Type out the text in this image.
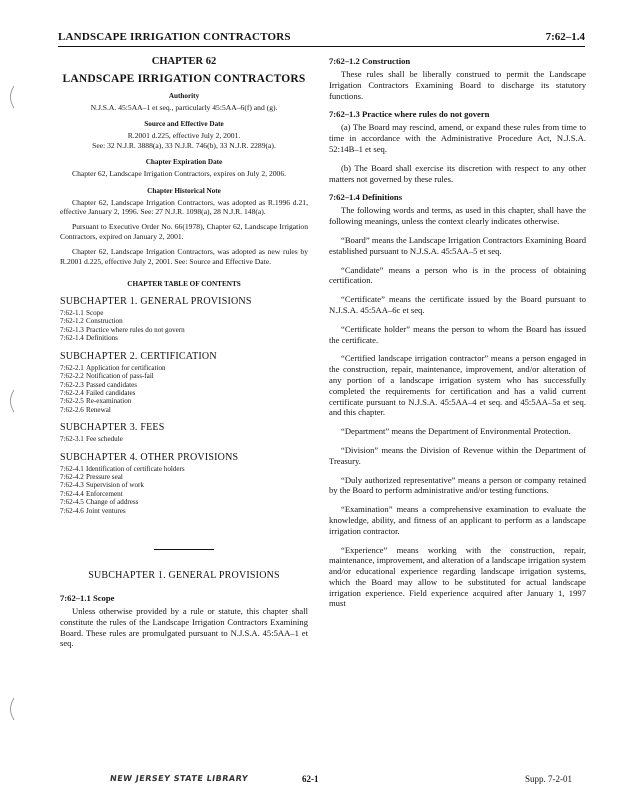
LANDSCAPE IRRIGATION CONTRACTORS	7:62–1.4
CHAPTER 62
LANDSCAPE IRRIGATION CONTRACTORS
Authority

N.J.S.A. 45:5AA–1 et seq., particularly 45:5AA–6(f) and (g).

Source and Effective Date

R.2001 d.225, effective July 2, 2001.

See: 32 N.J.R. 3888(a), 33 N.J.R. 746(b), 33 N.J.R. 2289(a).

Chapter Expiration Date

Chapter 62, Landscape Irrigation Contractors, expires on July 2, 2006.

Chapter Historical Note

Chapter 62, Landscape Irrigation Contractors, was adopted as R.1996 d.21, effective January 2, 1996. See: 27 N.J.R. 1098(a), 28 N.J.R. 148(a).

Pursuant to Executive Order No. 66(1978), Chapter 62, Landscape Irrigation Contractors, expired on January 2, 2001.

Chapter 62, Landscape Irrigation Contractors, was adopted as new rules by R.2001 d.225, effective July 2, 2001. See: Source and Effective Date.

CHAPTER TABLE OF CONTENTS
SUBCHAPTER 1. GENERAL PROVISIONS
7:62-1.1 Scope
7:62-1.2 Construction
7:62-1.3 Practice where rules do not govern
7:62-1.4 Definitions
SUBCHAPTER 2. CERTIFICATION
7:62-2.1 Application for certification
7:62-2.2 Notification of pass-fail
7:62-2.3 Passed candidates
7:62-2.4 Failed candidates
7:62-2.5 Re-examination
7:62-2.6 Renewal
SUBCHAPTER 3. FEES
7:62-3.1 Fee schedule
SUBCHAPTER 4. OTHER PROVISIONS
7:62-4.1 Identification of certificate holders
7:62-4.2 Pressure seal
7:62-4.3 Supervision of work
7:62-4.4 Enforcement
7:62-4.5 Change of address
7:62-4.6 Joint ventures
SUBCHAPTER 1. GENERAL PROVISIONS
7:62–1.1 Scope

Unless otherwise provided by a rule or statute, this chapter shall constitute the rules of the Landscape Irrigation Contractors Examining Board. These rules are promulgated pursuant to N.J.S.A. 45:5AA–1 et seq.

7:62–1.2 Construction

These rules shall be liberally construed to permit the Landscape Irrigation Contractors Examining Board to discharge its statutory functions.

7:62–1.3 Practice where rules do not govern

(a) The Board may rescind, amend, or expand these rules from time to time in accordance with the Administrative Procedure Act, N.J.S.A. 52:14B–1 et seq.

(b) The Board shall exercise its discretion with respect to any other matters not governed by these rules.

7:62–1.4 Definitions

The following words and terms, as used in this chapter, shall have the following meanings, unless the context clearly indicates otherwise.

“Board” means the Landscape Irrigation Contractors Examining Board established pursuant to N.J.S.A. 45:5AA–5 et seq.

“Candidate” means a person who is in the process of obtaining certification.

“Certificate” means the certificate issued by the Board pursuant to N.J.S.A. 45:5AA–6c et seq.

“Certificate holder” means the person to whom the Board has issued the certificate.

“Certified landscape irrigation contractor” means a person engaged in the construction, repair, maintenance, improvement, and/or alteration of any portion of a landscape irrigation system who has successfully completed the requirements for certification and has a valid current certificate pursuant to N.J.S.A. 45:5AA–4 et seq. and 45:5AA–5a et seq. and this chapter.

“Department” means the Department of Environmental Protection.

“Division” means the Division of Revenue within the Department of Treasury.

“Duly authorized representative” means a person or company retained by the Board to perform administrative and/or testing functions.

“Examination” means a comprehensive examination to evaluate the knowledge, ability, and fitness of an applicant to perform as a landscape irrigation contractor.

“Experience” means working with the construction, repair, maintenance, improvement, and alteration of a landscape irrigation system and/or educational experience regarding landscape irrigation systems, which the Board may allow to be substituted for actual landscape irrigation experience. Field experience acquired after January 1, 1997 must

NEW JERSEY STATE LIBRARY	62-1	Supp. 7-2-01
